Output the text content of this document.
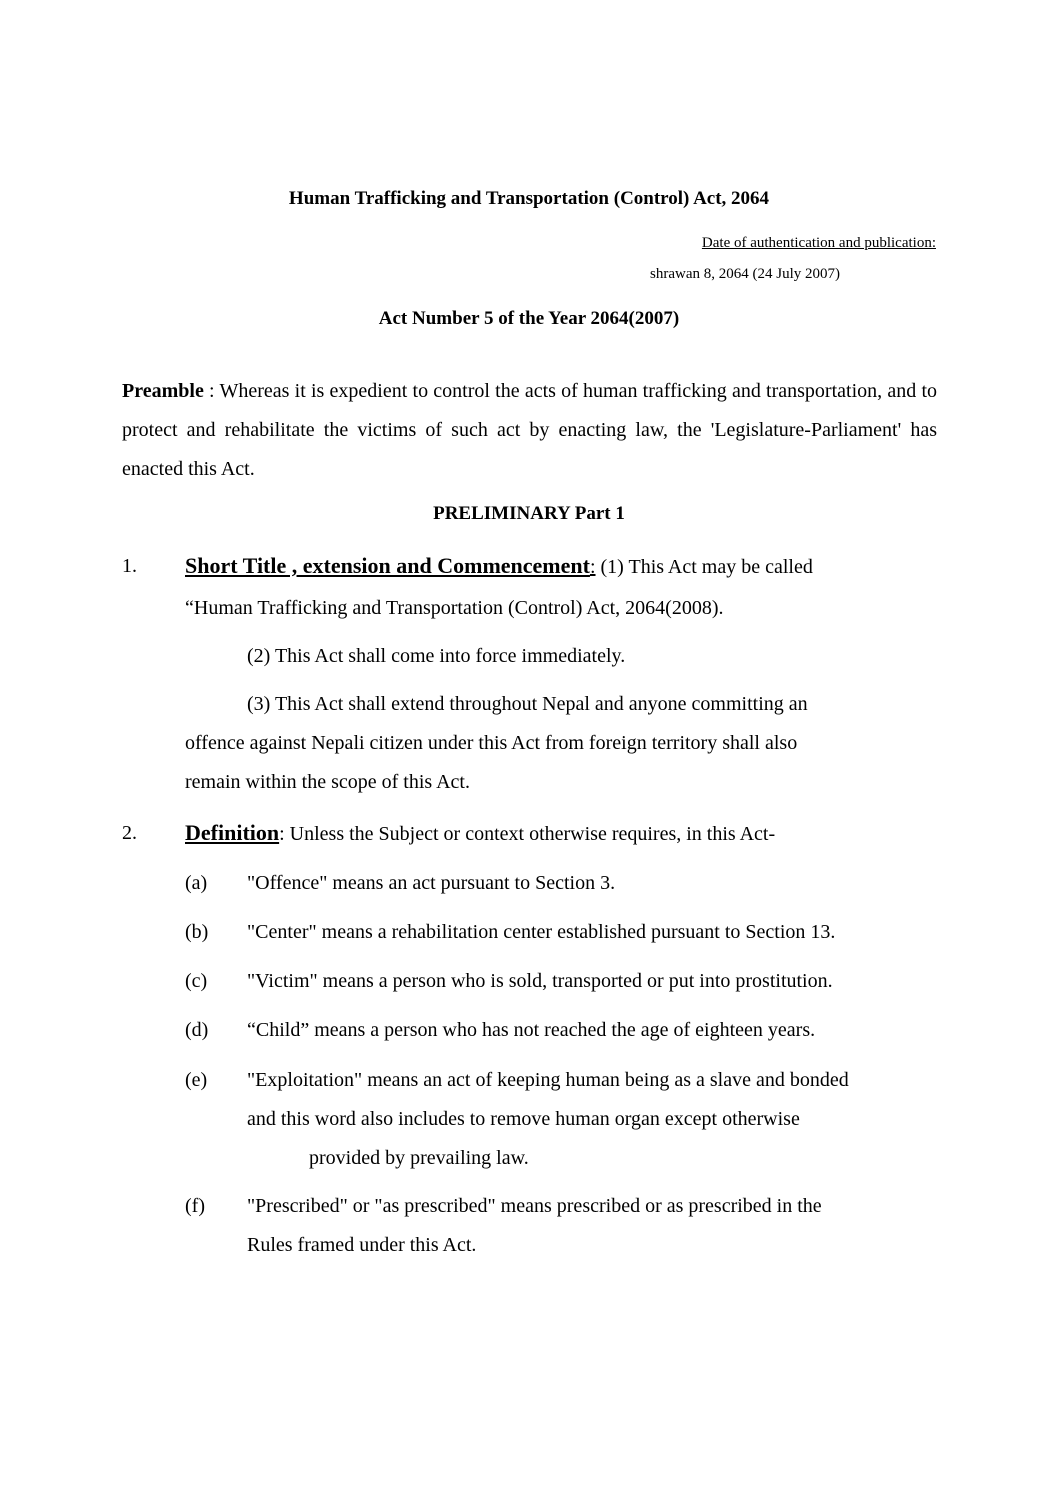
Human Trafficking and Transportation (Control) Act, 2064
Date of authentication and publication:
shrawan 8, 2064 (24 July 2007)
Act Number 5 of the Year 2064(2007)
Preamble : Whereas it is expedient to control the acts of human trafficking and transportation, and to protect and rehabilitate the victims of such act by enacting law, the 'Legislature-Parliament' has enacted this Act.
PRELIMINARY Part 1
1. Short Title , extension and Commencement: (1) This Act may be called
“Human Trafficking and Transportation (Control) Act, 2064(2008).
(2) This Act shall come into force immediately.
(3) This Act shall extend throughout Nepal and anyone committing an
offence against Nepali citizen under this Act from foreign territory shall also
remain within the scope of this Act.
2. Definition: Unless the Subject or context otherwise requires, in this Act-
(a) "Offence" means an act pursuant to Section 3.
(b) "Center" means a rehabilitation center established pursuant to Section 13.
(c) "Victim" means a person who is sold, transported or put into prostitution.
(d) “Child” means a person who has not reached the age of eighteen years.
(e) "Exploitation" means an act of keeping human being as a slave and bonded
and this word also includes to remove human organ except otherwise
provided by prevailing law.
(f) "Prescribed" or "as prescribed" means prescribed or as prescribed in the
Rules framed under this Act.
